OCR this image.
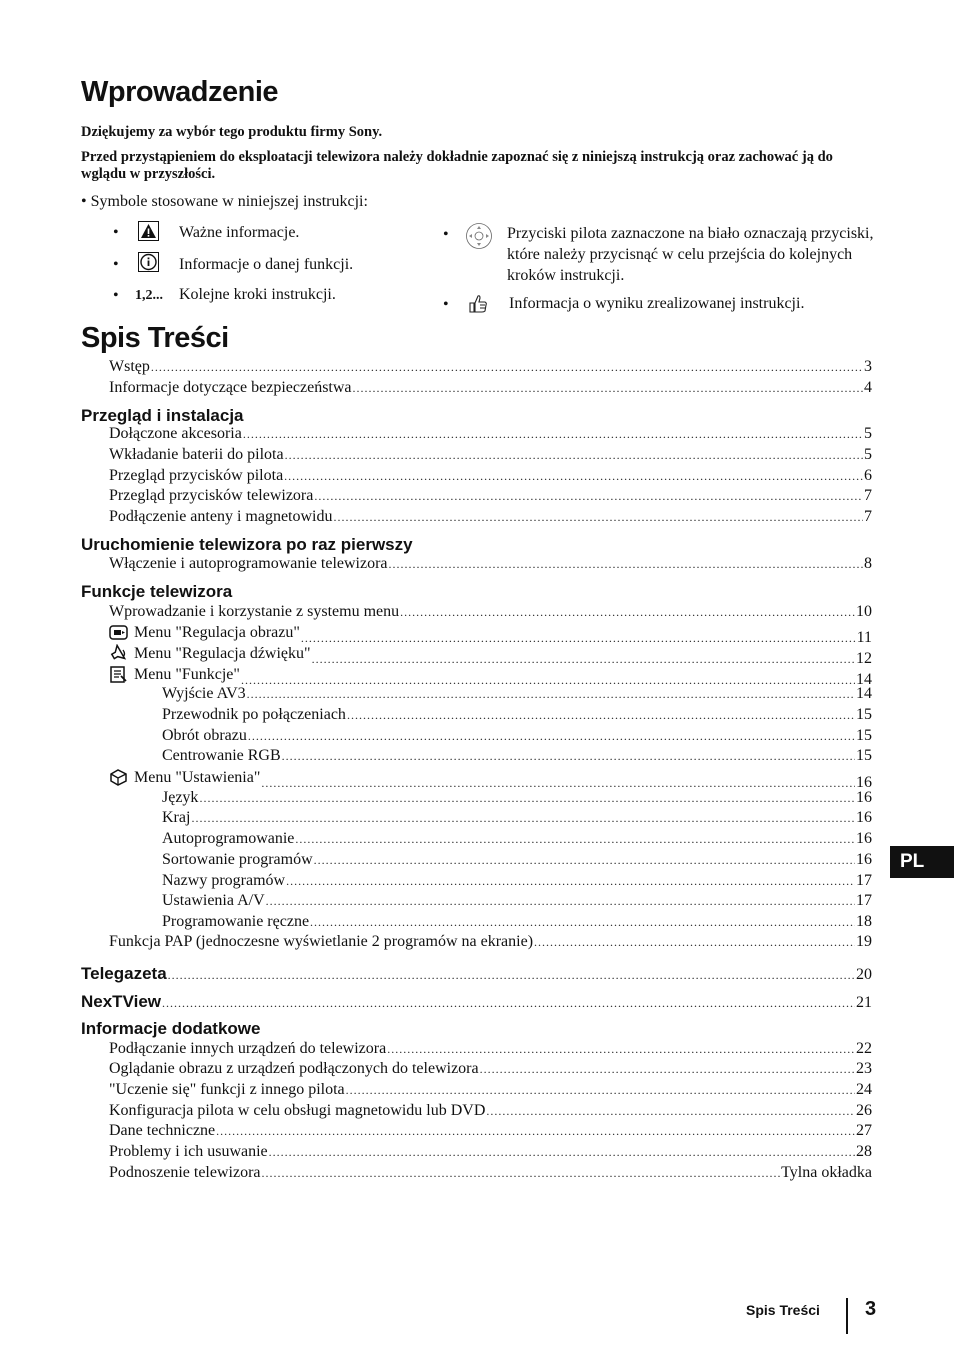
Wprowadzenie
Dziękujemy za wybór tego produktu firmy Sony.
Przed przystąpieniem do eksploatacji telewizora należy dokładnie zapoznać się z niniejszą instrukcją oraz zachować ją do wglądu w przyszłości.
• Symbole stosowane w niniejszej instrukcji:
•	Ważne informacje.
•	Informacje o danej funkcji.
• 1,2... Kolejne kroki instrukcji.
•	Przyciski pilota zaznaczone na biało oznaczają przyciski, które należy przycisnąć w celu przejścia do kolejnych kroków instrukcji.
•	Informacja o wyniku zrealizowanej instrukcji.
Spis Treści
Wstęp .....	3
Informacje dotyczące bezpieczeństwa .....	4
Przegląd i instalacja
Dołączone akcesoria .....	5
Wkładanie baterii do pilota .....	5
Przegląd przycisków pilota .....	6
Przegląd przycisków telewizora .....	7
Podłączenie anteny i magnetowidu .....	7
Uruchomienie telewizora po raz pierwszy
Włączenie i autoprogramowanie telewizora .....	8
Funkcje telewizora
Wprowadzanie i korzystanie z systemu menu .....	10
Menu "Regulacja obrazu" .....	11
Menu "Regulacja dźwięku" .....	12
Menu "Funkcje" .....	14
Wyjście AV3 .....	14
Przewodnik po połączeniach .....	15
Obrót obrazu .....	15
Centrowanie RGB .....	15
Menu "Ustawienia" .....	16
Język .....	16
Kraj .....	16
Autoprogramowanie .....	16
Sortowanie programów .....	16
Nazwy programów .....	17
Ustawienia A/V .....	17
Programowanie ręczne .....	18
Funkcja PAP (jednoczesne wyświetlanie 2 programów na ekranie) .....	19
Telegazeta .....	20
NexTView .....	21
Informacje dodatkowe
Podłączanie innych urządzeń do telewizora .....	22
Oglądanie obrazu z urządzeń podłączonych do telewizora .....	23
"Uczenie się" funkcji z innego pilota .....	24
Konfiguracja pilota w celu obsługi magnetowidu lub DVD .....	26
Dane techniczne .....	27
Problemy i ich usuwanie .....	28
Podnoszenie telewizora .....	Tylna okładka
PL
Spis Treści 3
